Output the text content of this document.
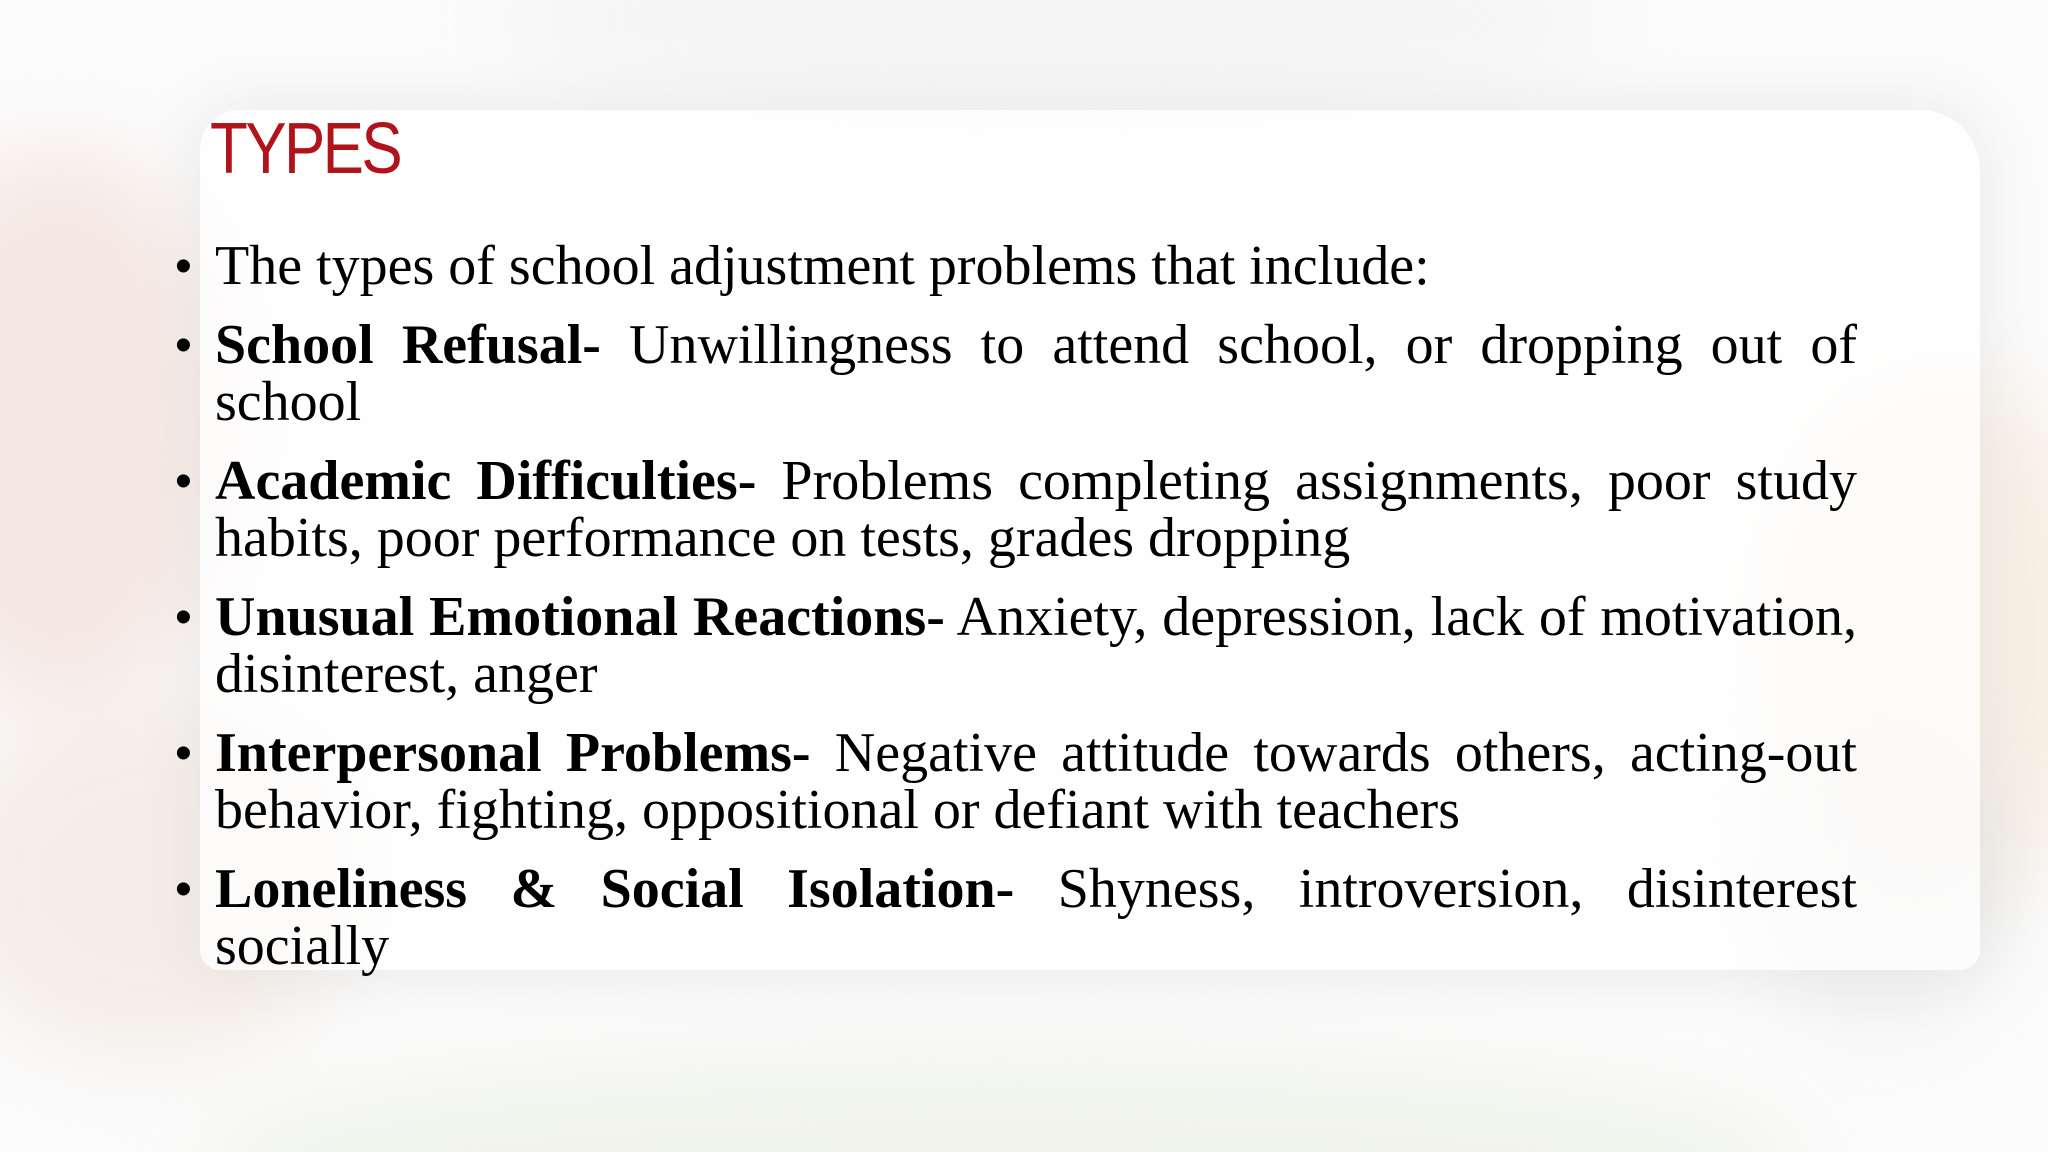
TYPES
• The types of school adjustment problems that include:
• School Refusal- Unwillingness to attend school, or dropping out of school
• Academic Difficulties- Problems completing assignments, poor study habits, poor performance on tests, grades dropping
• Unusual Emotional Reactions- Anxiety, depression, lack of motivation, disinterest, anger
• Interpersonal Problems- Negative attitude towards others, acting-out behavior, fighting, oppositional or defiant with teachers
• Loneliness & Social Isolation- Shyness, introversion, disinterest socially
